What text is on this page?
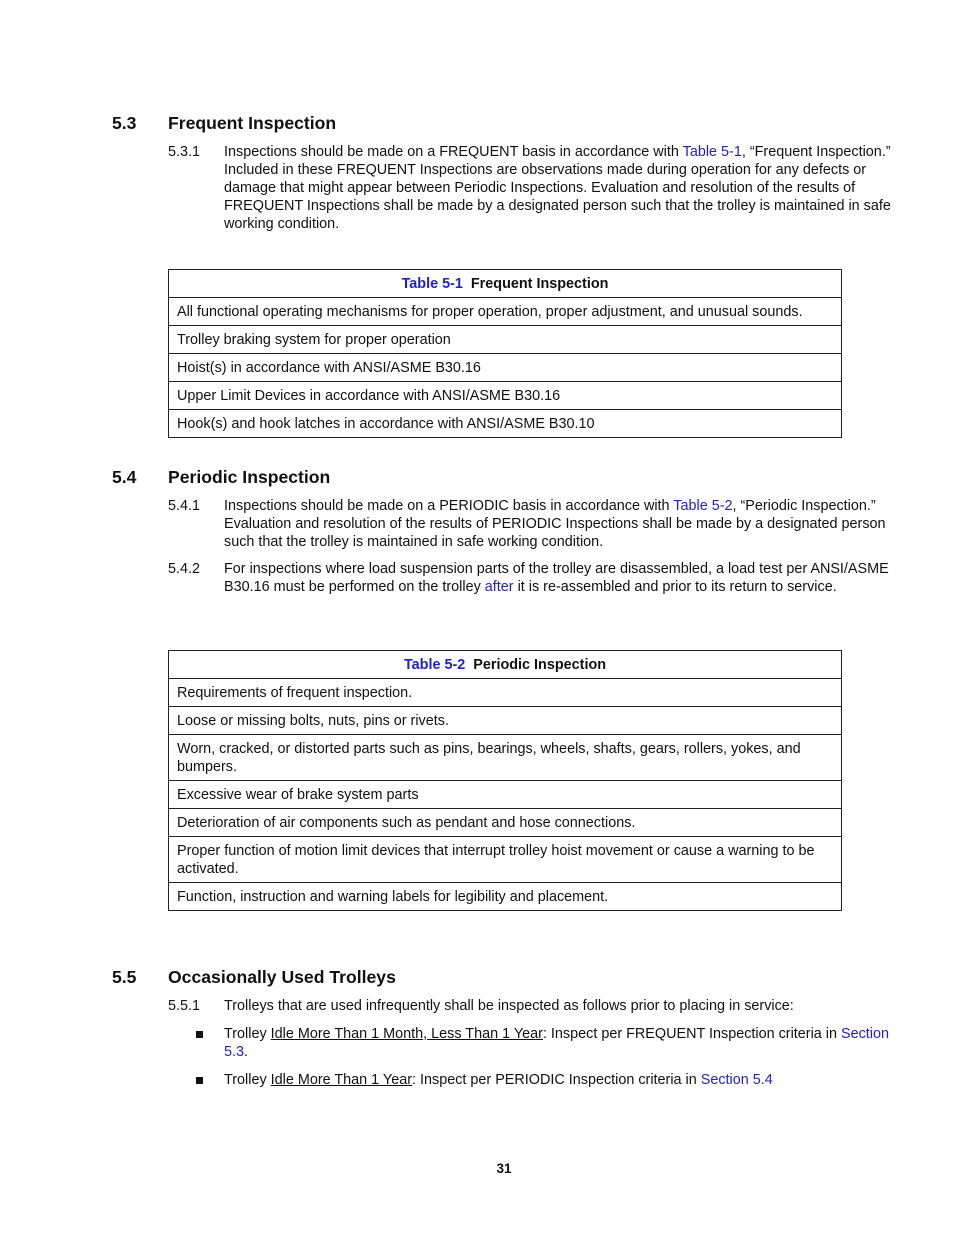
5.3 Frequent Inspection
5.3.1 Inspections should be made on a FREQUENT basis in accordance with Table 5-1, “Frequent Inspection.” Included in these FREQUENT Inspections are observations made during operation for any defects or damage that might appear between Periodic Inspections. Evaluation and resolution of the results of FREQUENT Inspections shall be made by a designated person such that the trolley is maintained in safe working condition.
Table 5-1 Frequent Inspection
All functional operating mechanisms for proper operation, proper adjustment, and unusual sounds.
Trolley braking system for proper operation
Hoist(s) in accordance with ANSI/ASME B30.16
Upper Limit Devices in accordance with ANSI/ASME B30.16
Hook(s) and hook latches in accordance with ANSI/ASME B30.10
5.4 Periodic Inspection
5.4.1 Inspections should be made on a PERIODIC basis in accordance with Table 5-2, “Periodic Inspection.” Evaluation and resolution of the results of PERIODIC Inspections shall be made by a designated person such that the trolley is maintained in safe working condition.
5.4.2 For inspections where load suspension parts of the trolley are disassembled, a load test per ANSI/ASME B30.16 must be performed on the trolley after it is re-assembled and prior to its return to service.
Table 5-2 Periodic Inspection
Requirements of frequent inspection.
Loose or missing bolts, nuts, pins or rivets.
Worn, cracked, or distorted parts such as pins, bearings, wheels, shafts, gears, rollers, yokes, and bumpers.
Excessive wear of brake system parts
Deterioration of air components such as pendant and hose connections.
Proper function of motion limit devices that interrupt trolley hoist movement or cause a warning to be activated.
Function, instruction and warning labels for legibility and placement.
5.5 Occasionally Used Trolleys
5.5.1 Trolleys that are used infrequently shall be inspected as follows prior to placing in service:
Trolley Idle More Than 1 Month, Less Than 1 Year: Inspect per FREQUENT Inspection criteria in Section 5.3.
Trolley Idle More Than 1 Year: Inspect per PERIODIC Inspection criteria in Section 5.4
31
